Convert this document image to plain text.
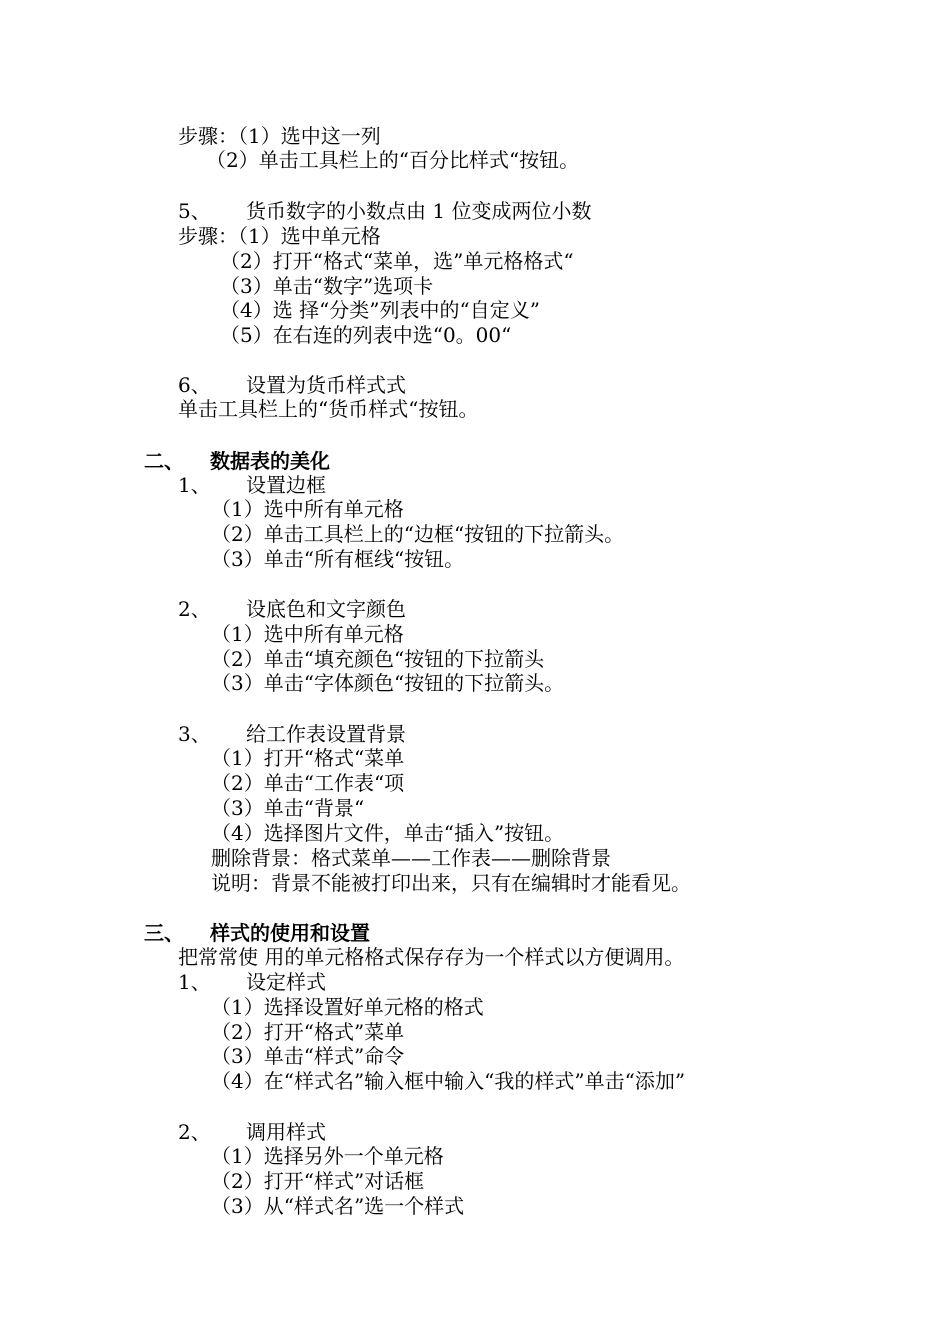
步骤：（1）选中这一列
（2）单击工具栏上的“百分比样式“按钮。
5、 货币数字的小数点由 1 位变成两位小数
步骤：（1）选中单元格
（2）打开“格式“菜单，选”单元格格式“
（3）单击“数字”选项卡
（4）选 择“分类”列表中的“自定义”
（5）在右连的列表中选“0。00“
6、 设置为货币样式式
单击工具栏上的“货币样式“按钮。
二、 数据表的美化
1、 设置边框
（1）选中所有单元格
（2）单击工具栏上的“边框“按钮的下拉箭头。
（3）单击“所有框线“按钮。
2、 设底色和文字颜色
（1）选中所有单元格
（2）单击“填充颜色“按钮的下拉箭头
（3）单击“字体颜色“按钮的下拉箭头。
3、 给工作表设置背景
（1）打开“格式“菜单
（2）单击“工作表“项
（3）单击“背景“
（4）选择图片文件，单击“插入”按钮。
删除背景：格式菜单——工作表——删除背景
说明：背景不能被打印出来，只有在编辑时才能看见。
三、 样式的使用和设置
把常常使 用的单元格格式保存存为一个样式以方便调用。
1、 设定样式
（1）选择设置好单元格的格式
（2）打开“格式”菜单
（3）单击“样式”命令
（4）在“样式名”输入框中输入“我的样式”单击“添加”
2、 调用样式
（1）选择另外一个单元格
（2）打开“样式”对话框
（3）从“样式名”选一个样式
